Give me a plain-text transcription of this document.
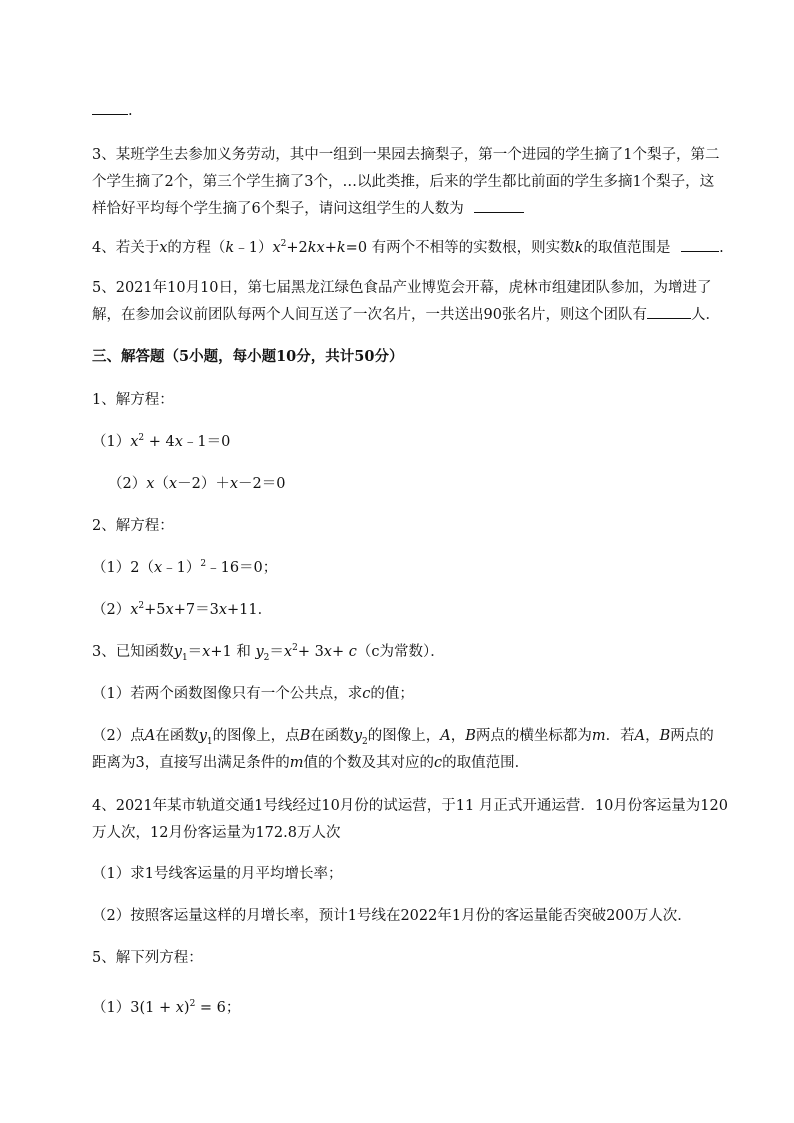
.
3、某班学生去参加义务劳动，其中一组到一果园去摘梨子，第一个进园的学生摘了1个梨子，第二
个学生摘了2个，第三个学生摘了3个，…以此类推，后来的学生都比前面的学生多摘1个梨子，这
样恰好平均每个学生摘了6个梨子，请问这组学生的人数为
4、若关于x的方程$(k﹣1)x^2+2kx+k=0$ 有两个不相等的实数根，则实数k的取值范围是	.
5、2021年10月10日，第七届黑龙江绿色食品产业博览会开幕，虎林市组建团队参加，为增进了
解，在参加会议前团队每两个人间互送了一次名片，一共送出90张名片，则这个团队有	人．
三、解答题（5小题，每小题10分，共计50分）
1、解方程：
$(1)x^2$ + 4x﹣1＝0
（2）x（x－2）＋x－2＝0
2、解方程：
（1）2（x﹣1）$^2$﹣16＝0；
$(2)x^2+5x+7=3x+11$．
3、已知函数$y_1=x+1$ 和 $y_2=x^2+ 3x+ c(c$为常数）．
（1）若两个函数图像只有一个公共点，求c的值；
（2）点A在函数$y_1$的图像上，点B在函数$y_2$的图像上，A，B两点的横坐标都为m．若A，B两点的
距离为3，直接写出满足条件的m值的个数及其对应的c的取值范围．
4、2021年某市轨道交通1号线经过10月份的试运营，于11 月正式开通运营．10月份客运量为120
万人次，12月份客运量为172.8万人次
（1）求1号线客运量的月平均增长率；
（2）按照客运量这样的月增长率，预计1号线在2022年1月份的客运量能否突破200万人次．
5、解下列方程：
$(1)3(1 + x)^2 = 6$；
